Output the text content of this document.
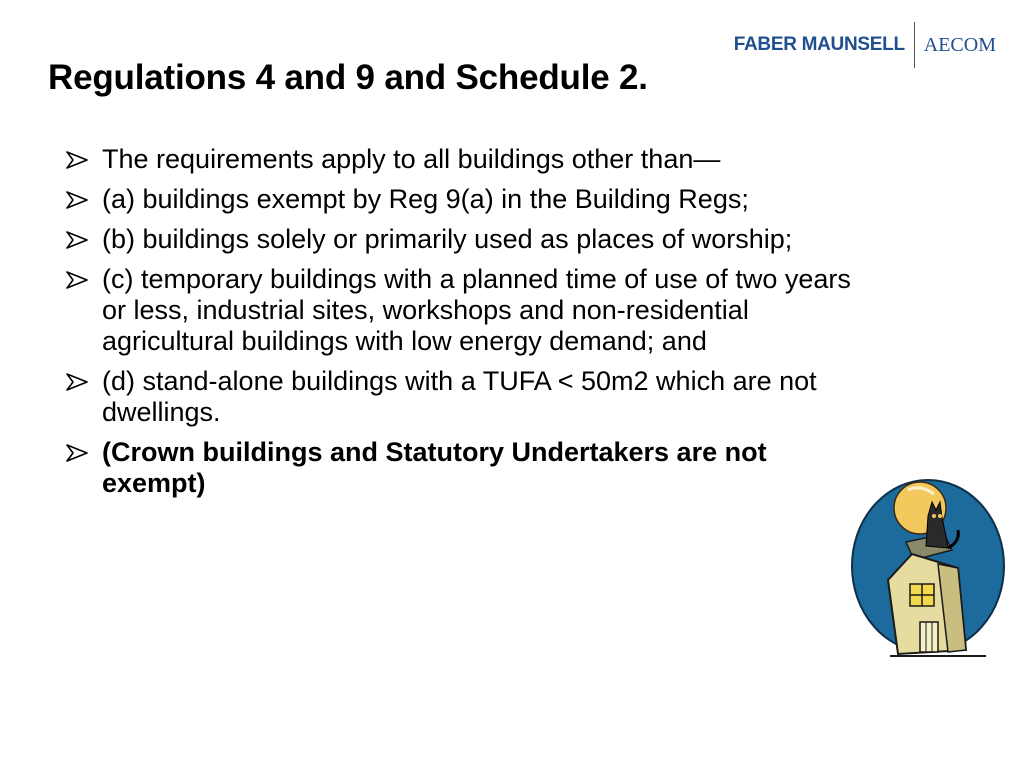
FABER MAUNSELL AECOM
Regulations 4 and 9 and Schedule 2.
The requirements apply to all buildings other than—
(a) buildings exempt by Reg 9(a) in the Building Regs;
(b) buildings solely or primarily used as places of worship;
(c) temporary buildings with a planned time of use of two years or less, industrial sites, workshops and non-residential agricultural buildings with low energy demand; and
(d) stand-alone buildings with a TUFA < 50m2 which are not dwellings.
(Crown buildings and Statutory Undertakers are not exempt)
